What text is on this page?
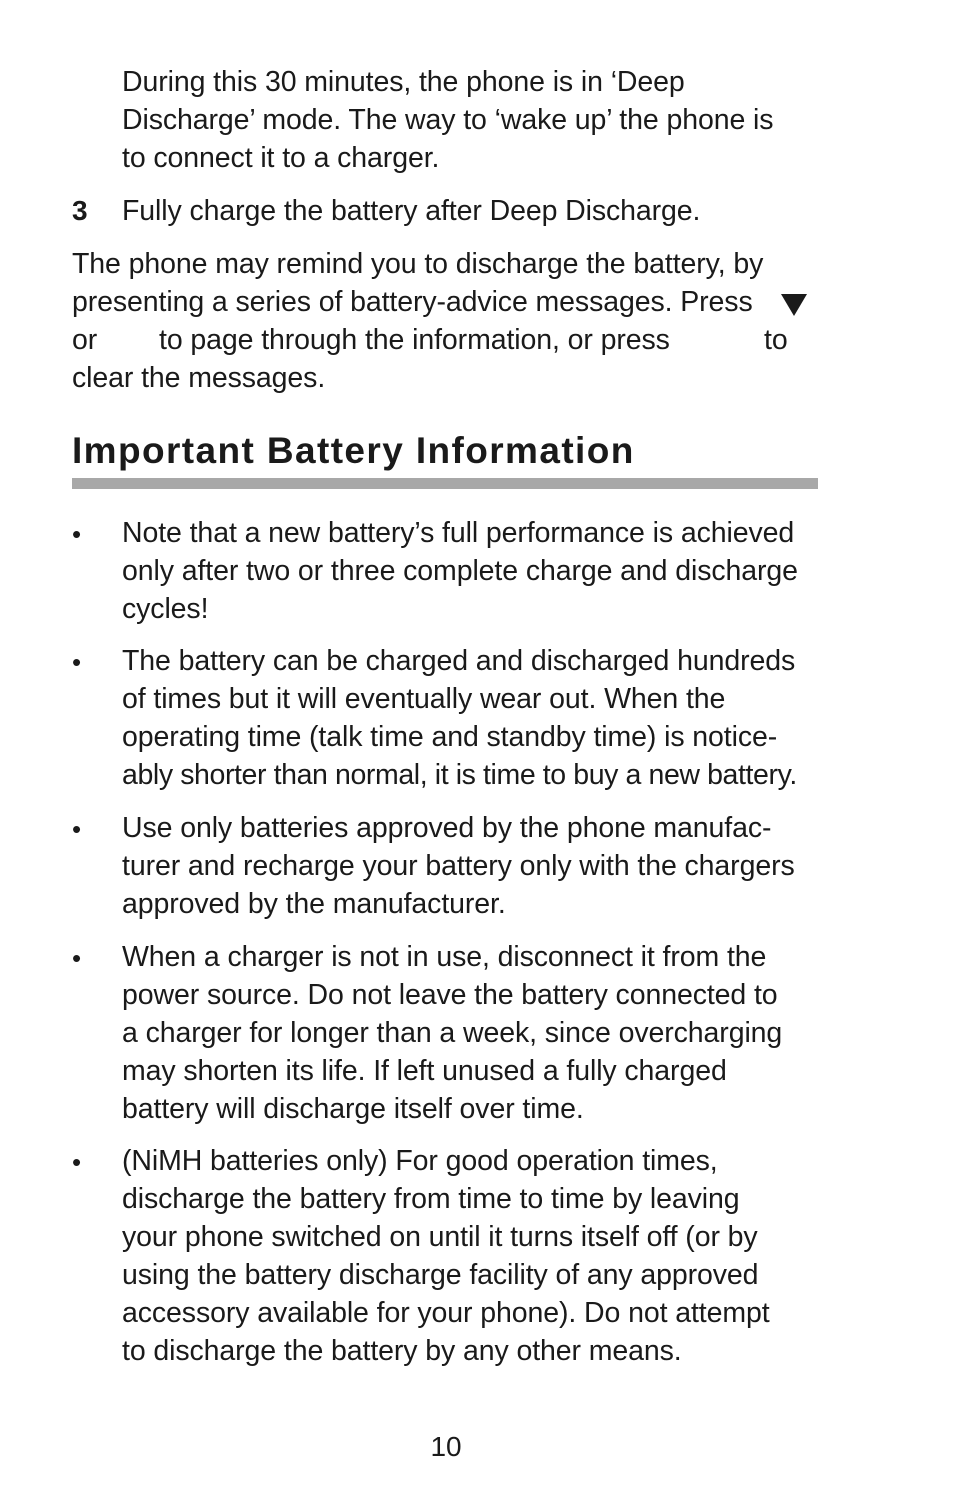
During this 30 minutes, the phone is in ‘Deep
Discharge’ mode. The way to ‘wake up’ the phone is
to connect it to a charger.
3 Fully charge the battery after Deep Discharge.
The phone may remind you to discharge the battery, by
presenting a series of battery-advice messages. Press
or to page through the information, or press	to
clear the messages.
Important Battery Information
• Note that a new battery’s full performance is achieved
only after two or three complete charge and discharge
cycles!
• The battery can be charged and discharged hundreds
of times but it will eventually wear out. When the
operating time (talk time and standby time) is notice-
ably shorter than normal, it is time to buy a new battery.
• Use only batteries approved by the phone manufac-
turer and recharge your battery only with the chargers
approved by the manufacturer.
• When a charger is not in use, disconnect it from the
power source. Do not leave the battery connected to
a charger for longer than a week, since overcharging
may shorten its life. If left unused a fully charged
battery will discharge itself over time.
• (NiMH batteries only) For good operation times,
discharge the battery from time to time by leaving
your phone switched on until it turns itself off (or by
using the battery discharge facility of any approved
accessory available for your phone). Do not attempt
to discharge the battery by any other means.
10
